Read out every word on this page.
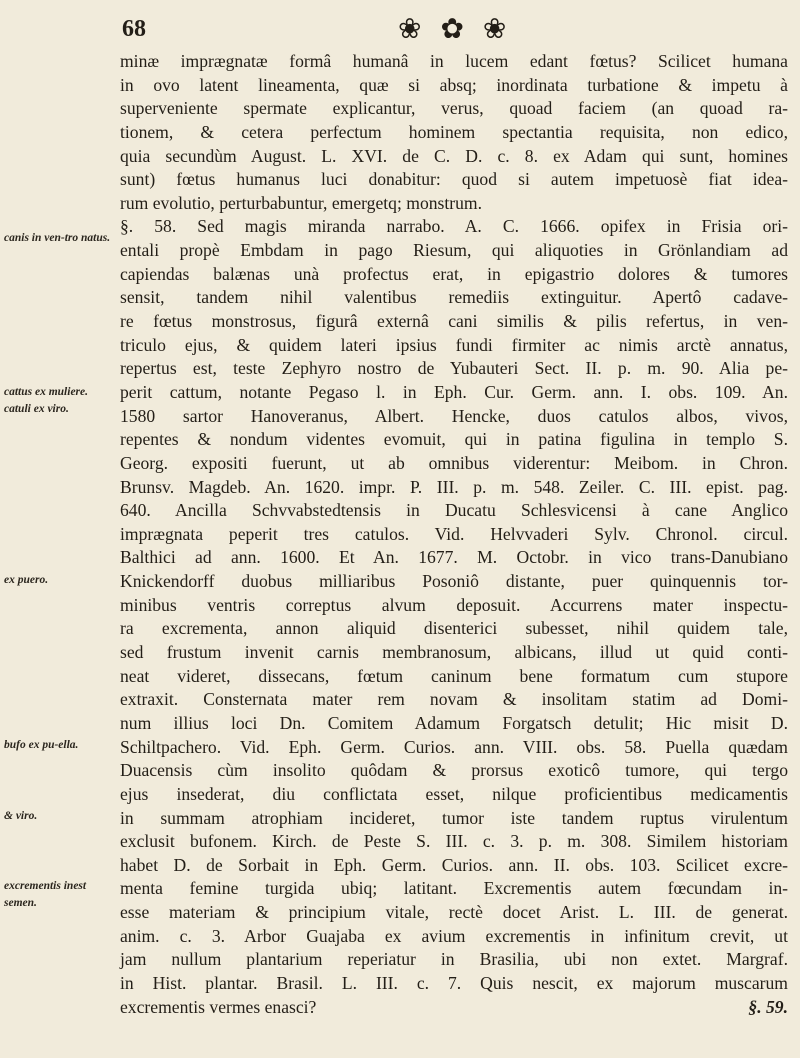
68	❀ ✿ ❀
canis in ven-tro natus.
cattus ex muliere. catuli ex viro.
ex puero.
bufo ex pu-ella.
& viro.
excrementis inest semen.
minæ imprægnatæ formâ humanâ in lucem edant fœtus? Scilicet humana
in ovo latent lineamenta, quæ si absq; inordinata turbatione & impetu à
superveniente spermate explicantur, verus, quoad faciem (an quoad ra-
tionem, & cetera perfectum hominem spectantia requisita, non edico,
quia secundùm August. L. XVI. de C. D. c. 8. ex Adam qui sunt, homines
sunt) fœtus humanus luci donabitur: quod si autem impetuosè fiat idea-
rum evolutio, perturbabuntur, emergetq; monstrum.
§. 58. Sed magis miranda narrabo. A. C. 1666. opifex in Frisia ori-
entali propè Embdam in pago Riesum, qui aliquoties in Grönlandiam ad
capiendas balænas unà profectus erat, in epigastrio dolores & tumores
sensit, tandem nihil valentibus remediis extinguitur. Apertô cadave-
re fœtus monstrosus, figurâ externâ cani similis & pilis refertus, in ven-
triculo ejus, & quidem lateri ipsius fundi firmiter ac nimis arctè annatus,
repertus est, teste Zephyro nostro de Yubauteri Sect. II. p. m. 90. Alia pe-
perit cattum, notante Pegaso l. in Eph. Cur. Germ. ann. I. obs. 109. An.
1580 sartor Hanoveranus, Albert. Hencke, duos catulos albos, vivos,
repentes & nondum videntes evomuit, qui in patina figulina in templo S.
Georg. expositi fuerunt, ut ab omnibus viderentur: Meibom. in Chron.
Brunsv. Magdeb. An. 1620. impr. P. III. p. m. 548. Zeiler. C. III. epist. pag.
640. Ancilla Schvvabstedtensis in Ducatu Schlesvicensi à cane Anglico
imprægnata peperit tres catulos. Vid. Helvvaderi Sylv. Chronol. circul.
Balthici ad ann. 1600. Et An. 1677. M. Octobr. in vico trans-Danubiano
Knickendorff duobus milliaribus Posoniô distante, puer quinquennis tor-
minibus ventris correptus alvum deposuit. Accurrens mater inspectu-
ra excrementa, annon aliquid disenterici subesset, nihil quidem tale,
sed frustum invenit carnis membranosum, albicans, illud ut quid conti-
neat videret, dissecans, fœtum caninum bene formatum cum stupore
extraxit. Consternata mater rem novam & insolitam statim ad Domi-
num illius loci Dn. Comitem Adamum Forgatsch detulit; Hic misit D.
Schiltpachero. Vid. Eph. Germ. Curios. ann. VIII. obs. 58. Puella quædam
Duacensis cùm insolito quôdam & prorsus exoticô tumore, qui tergo
ejus insederat, diu conflictata esset, nilque proficientibus medicamentis
in summam atrophiam incideret, tumor iste tandem ruptus virulentum
exclusit bufonem. Kirch. de Peste S. III. c. 3. p. m. 308. Similem historiam
habet D. de Sorbait in Eph. Germ. Curios. ann. II. obs. 103. Scilicet excre-
menta femine turgida ubiq; latitant. Excrementis autem fœcundam in-
esse materiam & principium vitale, rectè docet Arist. L. III. de generat.
anim. c. 3. Arbor Guajaba ex avium excrementis in infinitum crevit, ut
jam nullum plantarium reperiatur in Brasilia, ubi non extet. Margraf.
in Hist. plantar. Brasil. L. III. c. 7. Quis nescit, ex majorum muscarum
excrementis vermes enasci?	§. 59.
